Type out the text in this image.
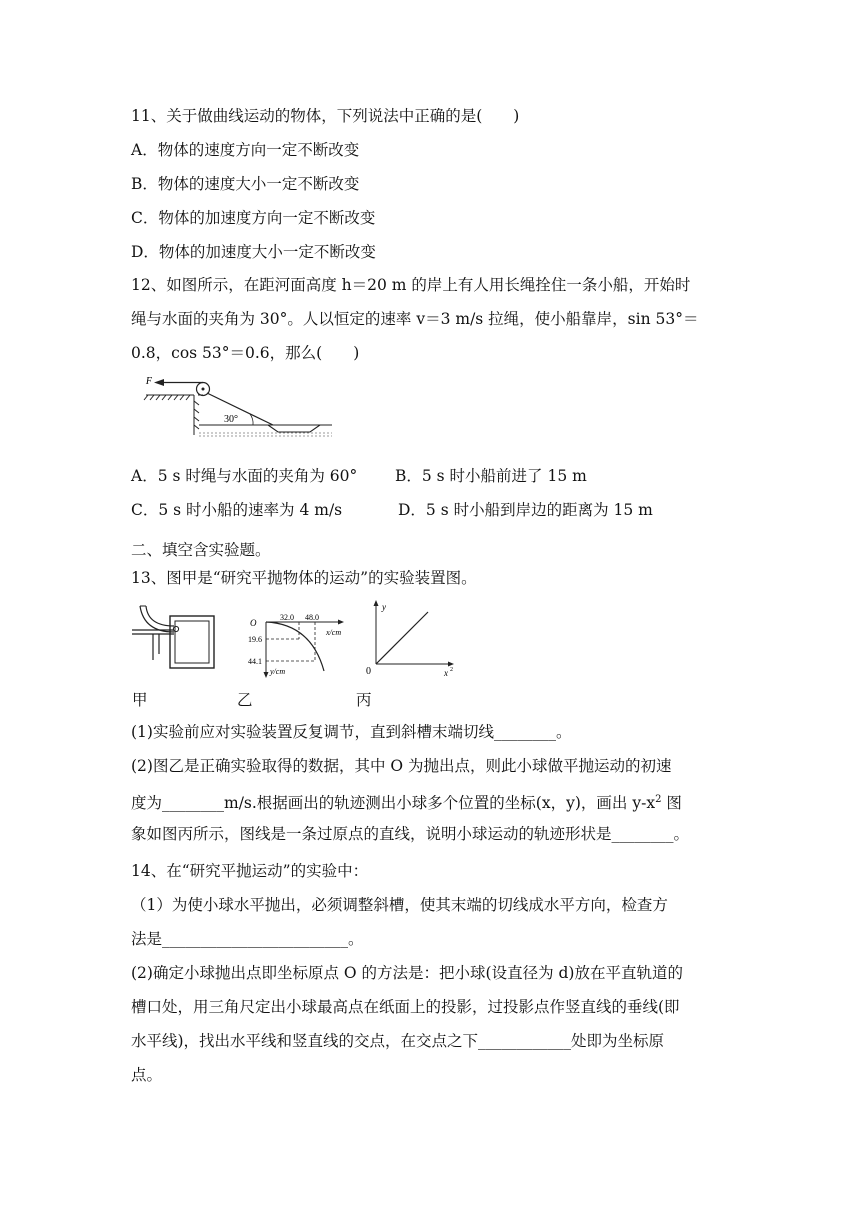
11、关于做曲线运动的物体，下列说法中正确的是(　　)
A．物体的速度方向一定不断改变
B．物体的速度大小一定不断改变
C．物体的加速度方向一定不断改变
D．物体的加速度大小一定不断改变
12、如图所示，在距河面高度 h＝20 m 的岸上有人用长绳拴住一条小船，开始时
绳与水面的夹角为 30°。人以恒定的速率 v＝3 m/s 拉绳，使小船靠岸，sin 53°＝
0.8，cos 53°＝0.6，那么(　　)
F
30°
A．5 s 时绳与水面的夹角为 60° B．5 s 时小船前进了 15 m
C．5 s 时小船的速率为 4 m/s	D．5 s 时小船到岸边的距离为 15 m
二、填空含实验题。
13、图甲是“研究平抛物体的运动”的实验装置图。
O
32.0 48.0
x/cm
19.6
44.1
y/cm
y
0	x 2
甲	乙	丙
(1)实验前应对实验装置反复调节，直到斜槽末端切线________。
(2)图乙是正确实验取得的数据，其中 O 为抛出点，则此小球做平抛运动的初速
度为________m/s.根据画出的轨迹测出小球多个位置的坐标(x，y)，画出 $y-x^2$ 图
象如图丙所示，图线是一条过原点的直线，说明小球运动的轨迹形状是________。
14、在“研究平抛运动”的实验中：
（1）为使小球水平抛出，必须调整斜槽，使其末端的切线成水平方向，检查方
法是________________________。
(2)确定小球抛出点即坐标原点 O 的方法是：把小球(设直径为 d)放在平直轨道的
槽口处，用三角尺定出小球最高点在纸面上的投影，过投影点作竖直线的垂线(即
水平线)，找出水平线和竖直线的交点，在交点之下____________处即为坐标原
点。
